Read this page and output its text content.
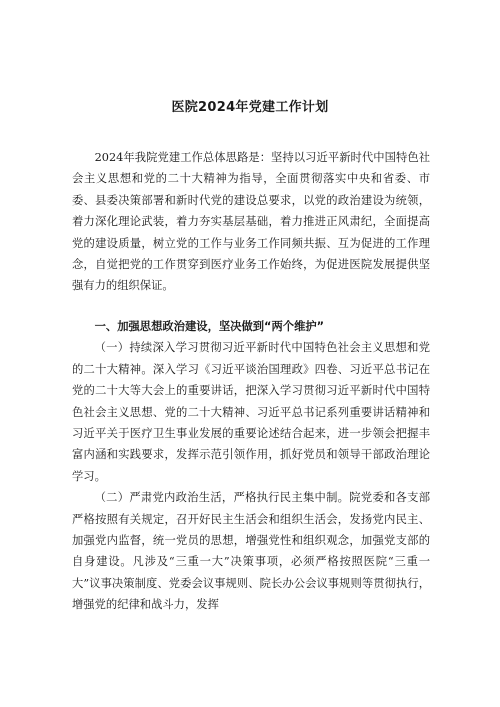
医院2024年党建工作计划

2024年我院党建工作总体思路是：坚持以习近平新时代中国特色社会主义思想和党的二十大精神为指导，全面贯彻落实中央和省委、市委、县委决策部署和新时代党的建设总要求，以党的政治建设为统领，着力深化理论武装，着力夯实基层基础，着力推进正风肃纪，全面提高党的建设质量，树立党的工作与业务工作同频共振、互为促进的工作理念，自觉把党的工作贯穿到医疗业务工作始终，为促进医院发展提供坚强有力的组织保证。

一、加强思想政治建设，坚决做到“两个维护”

（一）持续深入学习贯彻习近平新时代中国特色社会主义思想和党的二十大精神。深入学习《习近平谈治国理政》四卷、习近平总书记在党的二十大等大会上的重要讲话，把深入学习贯彻习近平新时代中国特色社会主义思想、党的二十大精神、习近平总书记系列重要讲话精神和习近平关于医疗卫生事业发展的重要论述结合起来，进一步领会把握丰富内涵和实践要求，发挥示范引领作用，抓好党员和领导干部政治理论学习。

（二）严肃党内政治生活，严格执行民主集中制。院党委和各支部严格按照有关规定，召开好民主生活会和组织生活会，发扬党内民主、加强党内监督，统一党员的思想，增强党性和组织观念，加强党支部的自身建设。凡涉及“三重一大”决策事项，必须严格按照医院“三重一大”议事决策制度、党委会议事规则、院长办公会议事规则等贯彻执行，增强党的纪律和战斗力，发挥
